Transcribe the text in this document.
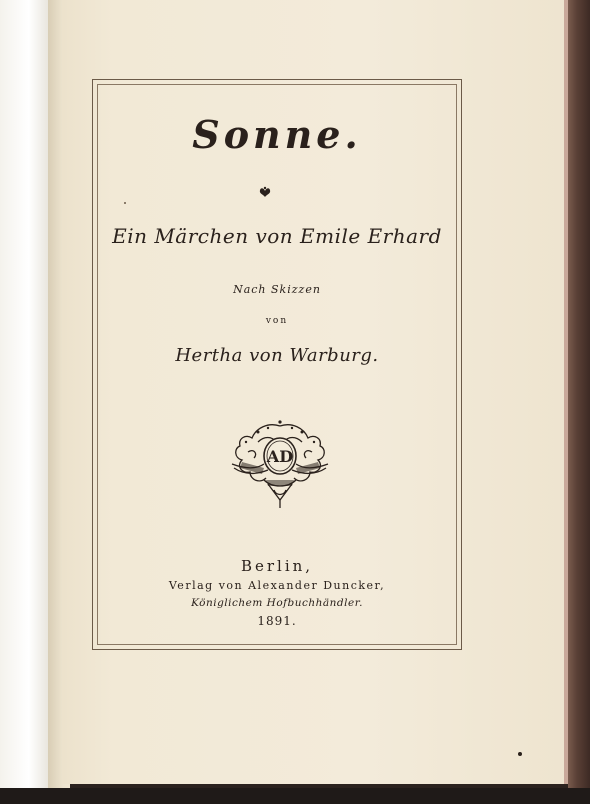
Sonne.
Ein Märchen von Emile Erhard
Nach Skizzen
von
Hertha von Warburg.
AD
Berlin,
Verlag von Alexander Duncker,
Königlichem Hofbuchhändler.
1891.
